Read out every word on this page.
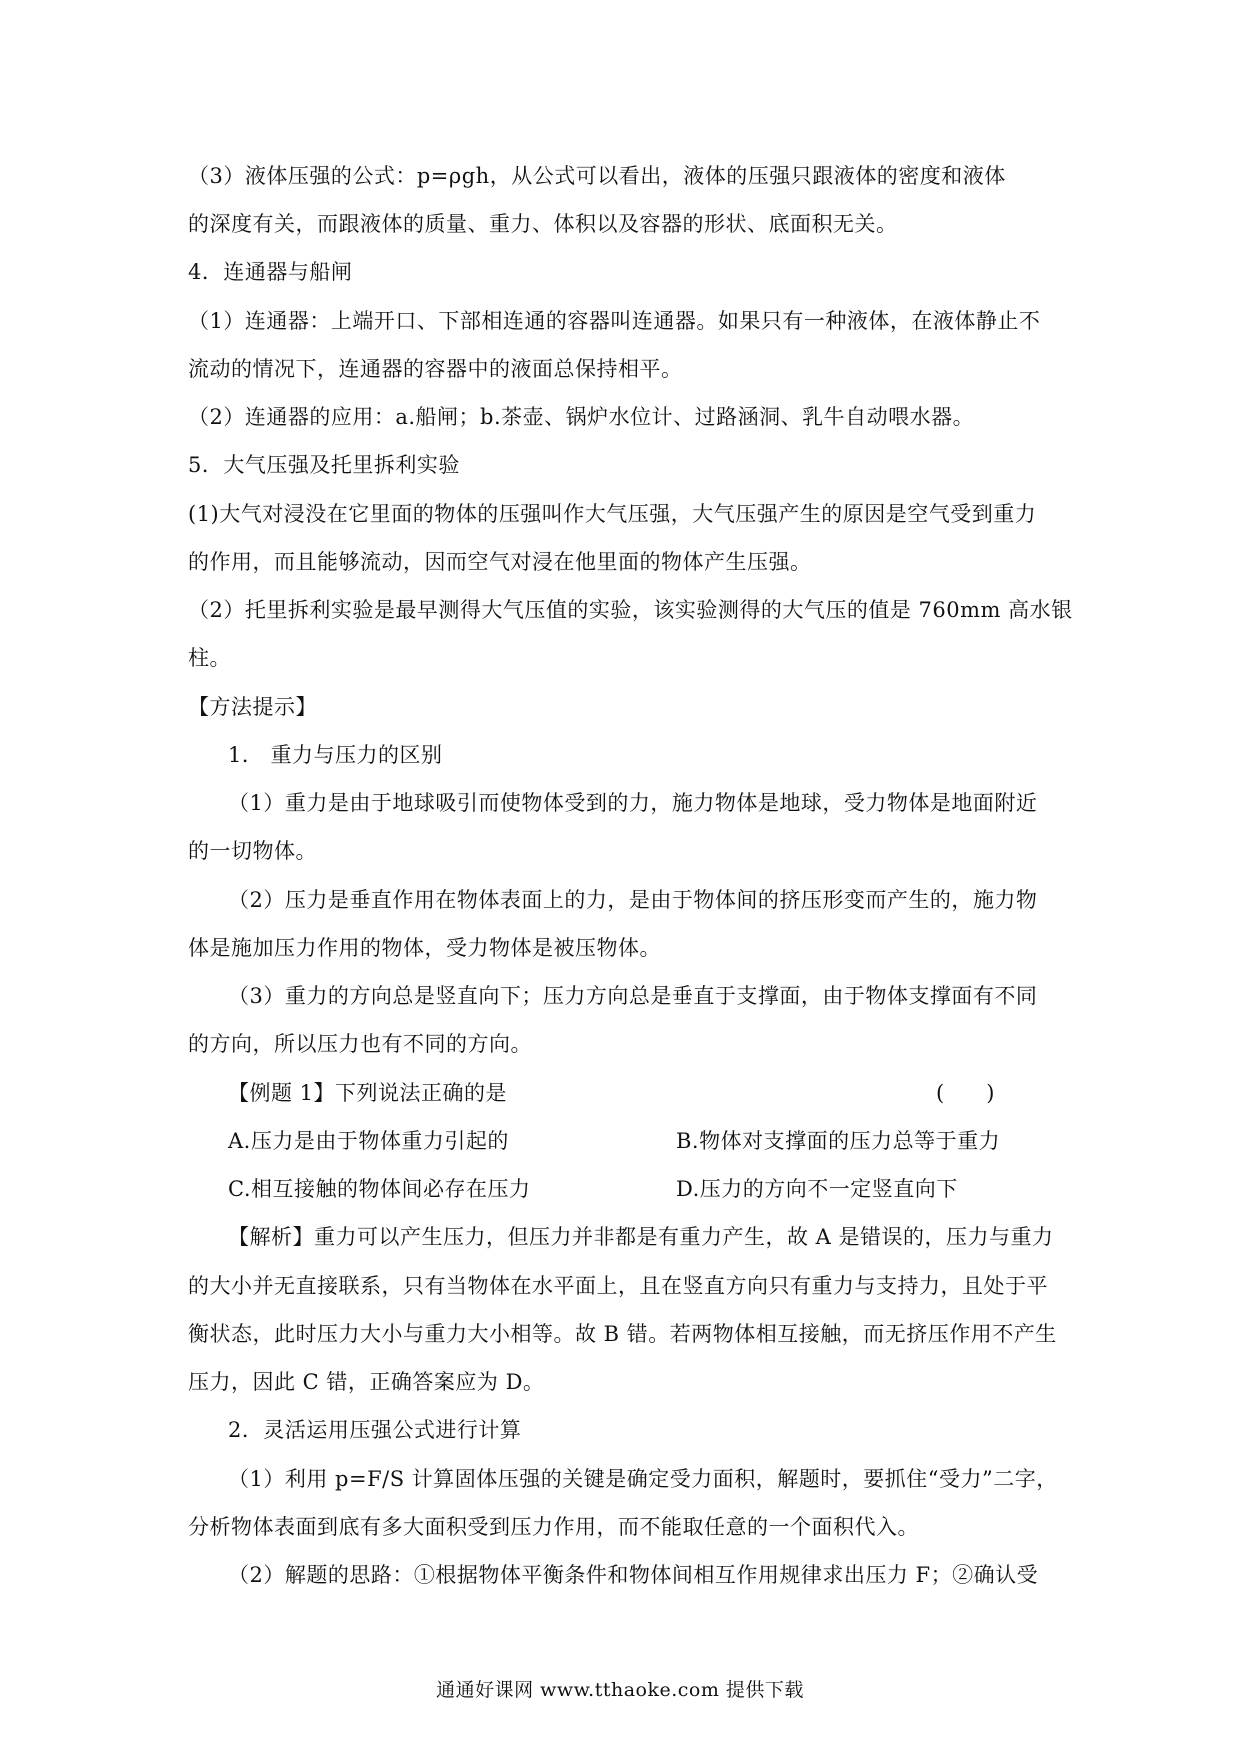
（3）液体压强的公式：p=ρgh，从公式可以看出，液体的压强只跟液体的密度和液体
的深度有关，而跟液体的质量、重力、体积以及容器的形状、底面积无关。
4．连通器与船闸
（1）连通器：上端开口、下部相连通的容器叫连通器。如果只有一种液体，在液体静止不
流动的情况下，连通器的容器中的液面总保持相平。
（2）连通器的应用：a.船闸；b.茶壶、锅炉水位计、过路涵洞、乳牛自动喂水器。
5．大气压强及托里拆利实验
(1)大气对浸没在它里面的物体的压强叫作大气压强，大气压强产生的原因是空气受到重力
的作用，而且能够流动，因而空气对浸在他里面的物体产生压强。
（2）托里拆利实验是最早测得大气压值的实验，该实验测得的大气压的值是 760mm 高水银
柱。
【方法提示】
1． 重力与压力的区别
（1）重力是由于地球吸引而使物体受到的力，施力物体是地球，受力物体是地面附近
的一切物体。
（2）压力是垂直作用在物体表面上的力，是由于物体间的挤压形变而产生的，施力物
体是施加压力作用的物体，受力物体是被压物体。
（3）重力的方向总是竖直向下；压力方向总是垂直于支撑面，由于物体支撑面有不同
的方向，所以压力也有不同的方向。
【例题 1】下列说法正确的是	(　　)
A.压力是由于物体重力引起的	B.物体对支撑面的压力总等于重力
C.相互接触的物体间必存在压力	D.压力的方向不一定竖直向下
【解析】重力可以产生压力，但压力并非都是有重力产生，故 A 是错误的，压力与重力
的大小并无直接联系，只有当物体在水平面上，且在竖直方向只有重力与支持力，且处于平
衡状态，此时压力大小与重力大小相等。故 B 错。若两物体相互接触，而无挤压作用不产生
压力，因此 C 错，正确答案应为 D。
2．灵活运用压强公式进行计算
（1）利用 p=F/S 计算固体压强的关键是确定受力面积，解题时，要抓住“受力”二字，
分析物体表面到底有多大面积受到压力作用，而不能取任意的一个面积代入。
（2）解题的思路：①根据物体平衡条件和物体间相互作用规律求出压力 F；②确认受
通通好课网 www.tthaoke.com 提供下载
